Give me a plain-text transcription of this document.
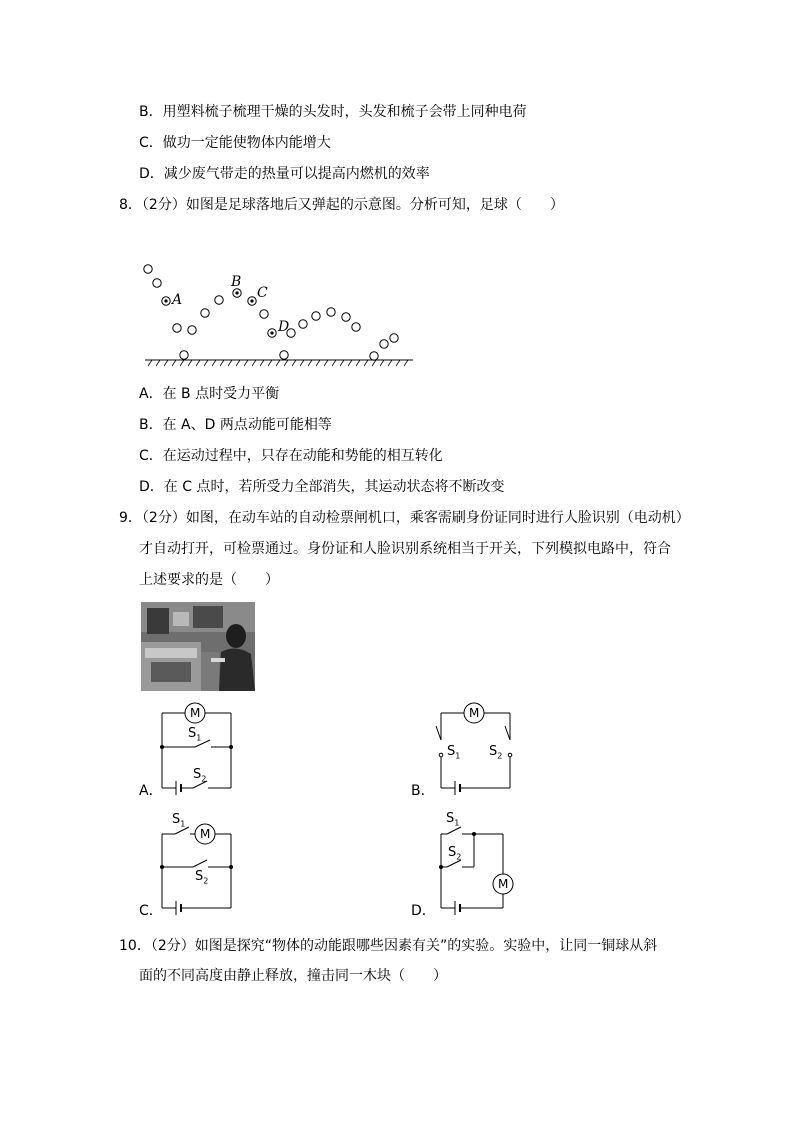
B．用塑料梳子梳理干燥的头发时，头发和梳子会带上同种电荷
C．做功一定能使物体内能增大
D．减少废气带走的热量可以提高内燃机的效率
8．（2分）如图是足球落地后又弹起的示意图。分析可知，足球（　　）
A
B
C
D
A．在 B 点时受力平衡
B．在 A、D 两点动能可能相等
C．在运动过程中，只存在动能和势能的相互转化
D．在 C 点时，若所受力全部消失，其运动状态将不断改变
9．（2分）如图，在动车站的自动检票闸机口，乘客需刷身份证同时进行人脸识别（电动机）
才自动打开，可检票通过。身份证和人脸识别系统相当于开关，下列模拟电路中，符合
上述要求的是（　　）
M
$S_1$
$S_2$
A．
M
$S_1$ $S_2$
B．
M
$S_1$
$S_2$
C．
M
$S_1$
$S_2$
D．
10．（2分）如图是探究“物体的动能跟哪些因素有关”的实验。实验中，让同一铜球从斜
面的不同高度由静止释放，撞击同一木块（　　）
